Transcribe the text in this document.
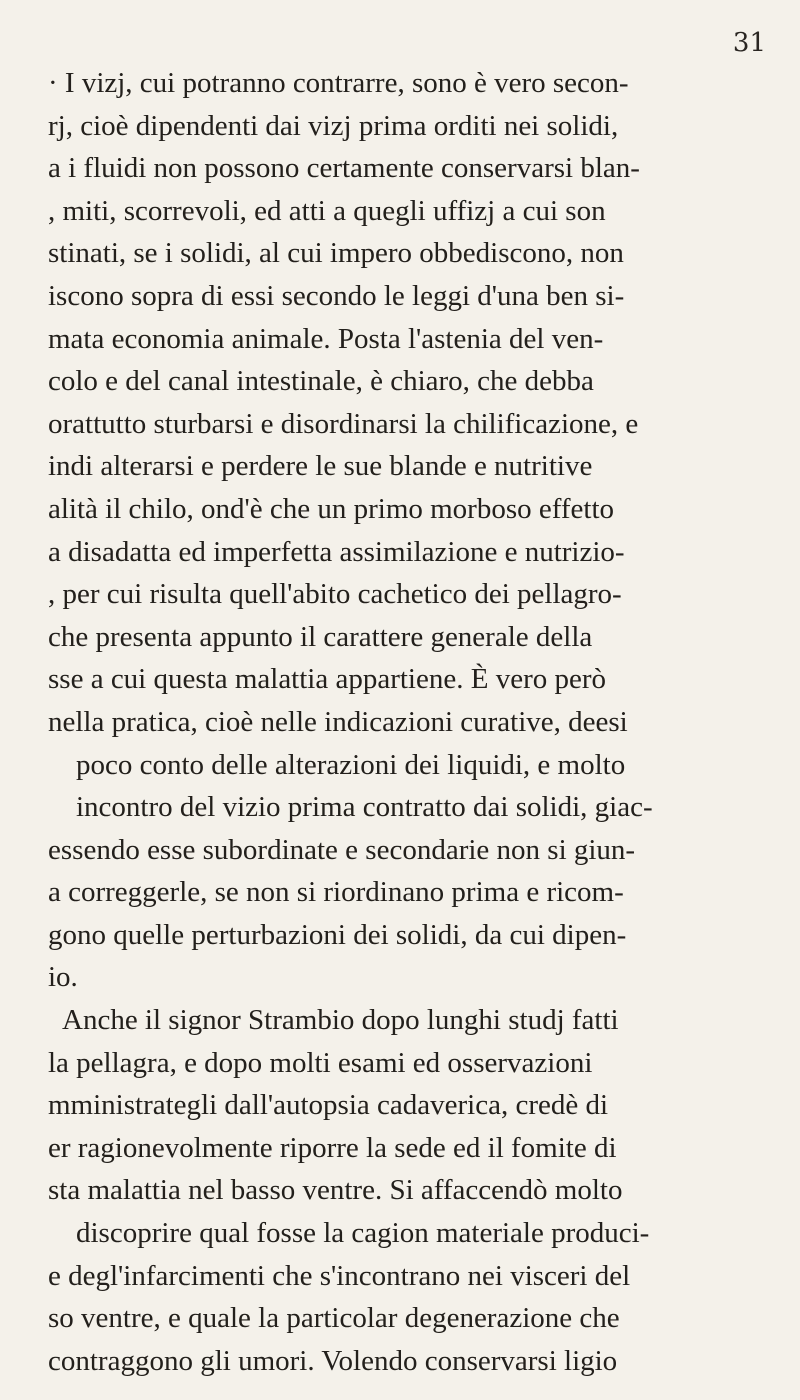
31
· I vizj, cui potranno contrarre, sono è vero secon-
rj, cioè dipendenti dai vizj prima orditi nei solidi,
a i fluidi non possono certamente conservarsi blan-
, miti, scorrevoli, ed atti a quegli uffizj a cui son
stinati, se i solidi, al cui impero obbediscono, non
iscono sopra di essi secondo le leggi d'una ben si-
mata economia animale. Posta l'astenia del ven-
colo e del canal intestinale, è chiaro, che debba
orattutto sturbarsi e disordinarsi la chilificazione, e
indi alterarsi e perdere le sue blande e nutritive
alità il chilo, ond'è che un primo morboso effetto
a disadatta ed imperfetta assimilazione e nutrizio-
, per cui risulta quell'abito cachetico dei pellagro-
che presenta appunto il carattere generale della
sse a cui questa malattia appartiene. È vero però
nella pratica, cioè nelle indicazioni curative, deesi
poco conto delle alterazioni dei liquidi, e molto
incontro del vizio prima contratto dai solidi, giac-
essendo esse subordinate e secondarie non si giun-
a correggerle, se non si riordinano prima e ricom-
gono quelle perturbazioni dei solidi, da cui dipen-
io.
Anche il signor Strambio dopo lunghi studj fatti
la pellagra, e dopo molti esami ed osservazioni
mministrategli dall'autopsia cadaverica, credè di
er ragionevolmente riporre la sede ed il fomite di
sta malattia nel basso ventre. Si affaccendò molto
discoprire qual fosse la cagion materiale produci-
e degl'infarcimenti che s'incontrano nei visceri del
so ventre, e quale la particolar degenerazione che
contraggono gli umori. Volendo conservarsi ligio
